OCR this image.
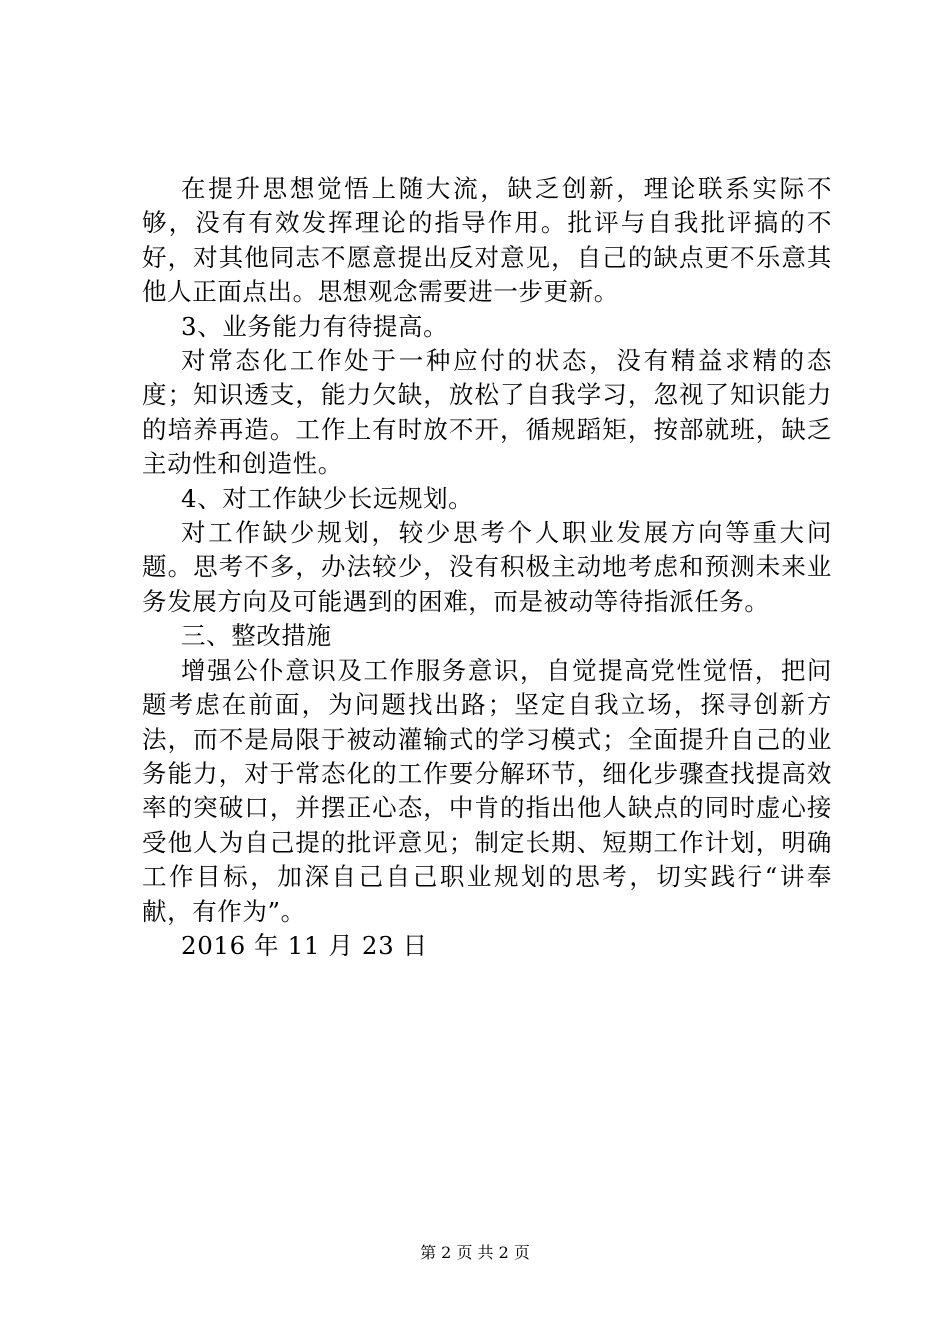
在提升思想觉悟上随大流，缺乏创新，理论联系实际不够，没有有效发挥理论的指导作用。批评与自我批评搞的不好，对其他同志不愿意提出反对意见，自己的缺点更不乐意其他人正面点出。思想观念需要进一步更新。

3、业务能力有待提高。

对常态化工作处于一种应付的状态，没有精益求精的态度；知识透支，能力欠缺，放松了自我学习，忽视了知识能力的培养再造。工作上有时放不开，循规蹈矩，按部就班，缺乏主动性和创造性。

4、对工作缺少长远规划。

对工作缺少规划，较少思考个人职业发展方向等重大问题。思考不多，办法较少，没有积极主动地考虑和预测未来业务发展方向及可能遇到的困难，而是被动等待指派任务。

三、整改措施

增强公仆意识及工作服务意识，自觉提高党性觉悟，把问题考虑在前面，为问题找出路；坚定自我立场，探寻创新方法，而不是局限于被动灌输式的学习模式；全面提升自己的业务能力，对于常态化的工作要分解环节，细化步骤查找提高效率的突破口，并摆正心态，中肯的指出他人缺点的同时虚心接受他人为自己提的批评意见；制定长期、短期工作计划，明确工作目标，加深自己自己职业规划的思考，切实践行“讲奉献，有作为”。

2016 年 11 月 23 日

第 2 页 共 2 页
